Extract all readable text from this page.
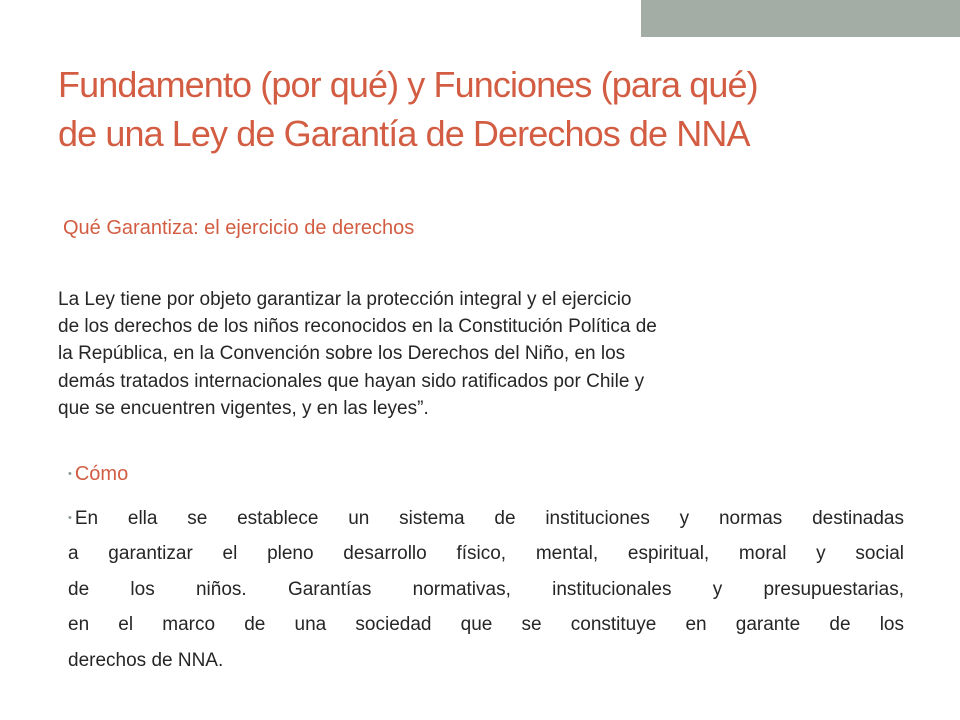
Fundamento (por qué) y Funciones (para qué)
de una Ley de Garantía de Derechos de NNA

Qué Garantiza: el ejercicio de derechos

La Ley tiene por objeto garantizar la protección integral y el ejercicio
de los derechos de los niños reconocidos en la Constitución Política de
la República, en la Convención sobre los Derechos del Niño, en los
demás tratados internacionales que hayan sido ratificados por Chile y
que se encuentren vigentes, y en las leyes”.

• Cómo
• En ella se establece un sistema de instituciones y normas destinadas
a garantizar el pleno desarrollo físico, mental, espiritual, moral y social
de los niños. Garantías normativas, institucionales y presupuestarias,
en el marco de una sociedad que se constituye en garante de los
derechos de NNA.
